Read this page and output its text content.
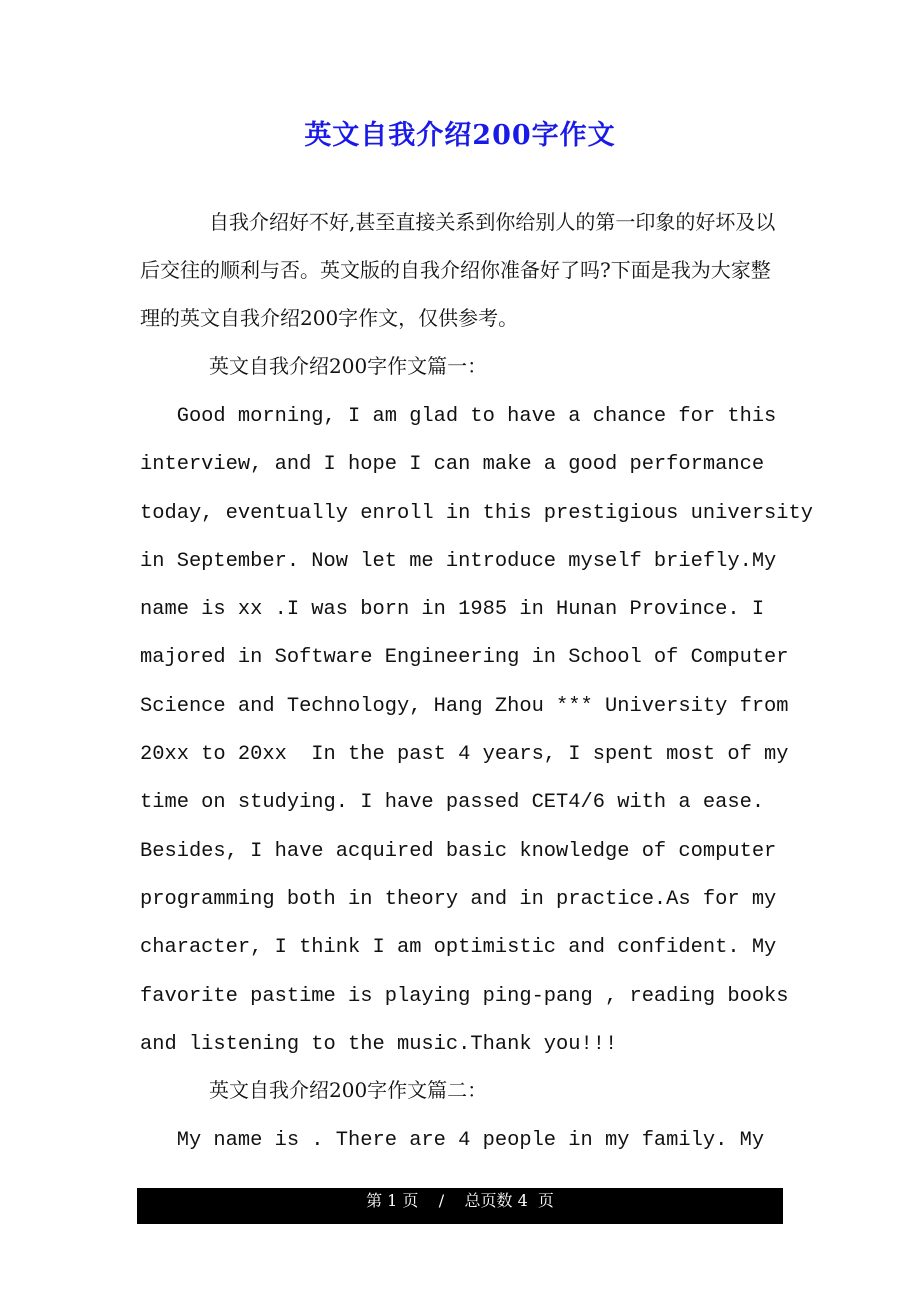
英文自我介绍200字作文

自我介绍好不好,甚至直接关系到你给别人的第一印象的好坏及以后交往的顺利与否。英文版的自我介绍你准备好了吗?下面是我为大家整理的英文自我介绍200字作文，仅供参考。

英文自我介绍200字作文篇一：

Good morning, I am glad to have a chance for this
interview, and I hope I can make a good performance
today, eventually enroll in this prestigious university
in September. Now let me introduce myself briefly.My
name is xx .I was born in 1985 in Hunan Province. I
majored in Software Engineering in School of Computer
Science and Technology, Hang Zhou *** University from
20xx to 20xx  In the past 4 years, I spent most of my
time on studying. I have passed CET4/6 with a ease.
Besides, I have acquired basic knowledge of computer
programming both in theory and in practice.As for my
character, I think I am optimistic and confident. My
favorite pastime is playing ping-pang , reading books
and listening to the music.Thank you!!!

英文自我介绍200字作文篇二：

My name is . There are 4 people in my family. My

第 1 页    /    总页数 4  页
